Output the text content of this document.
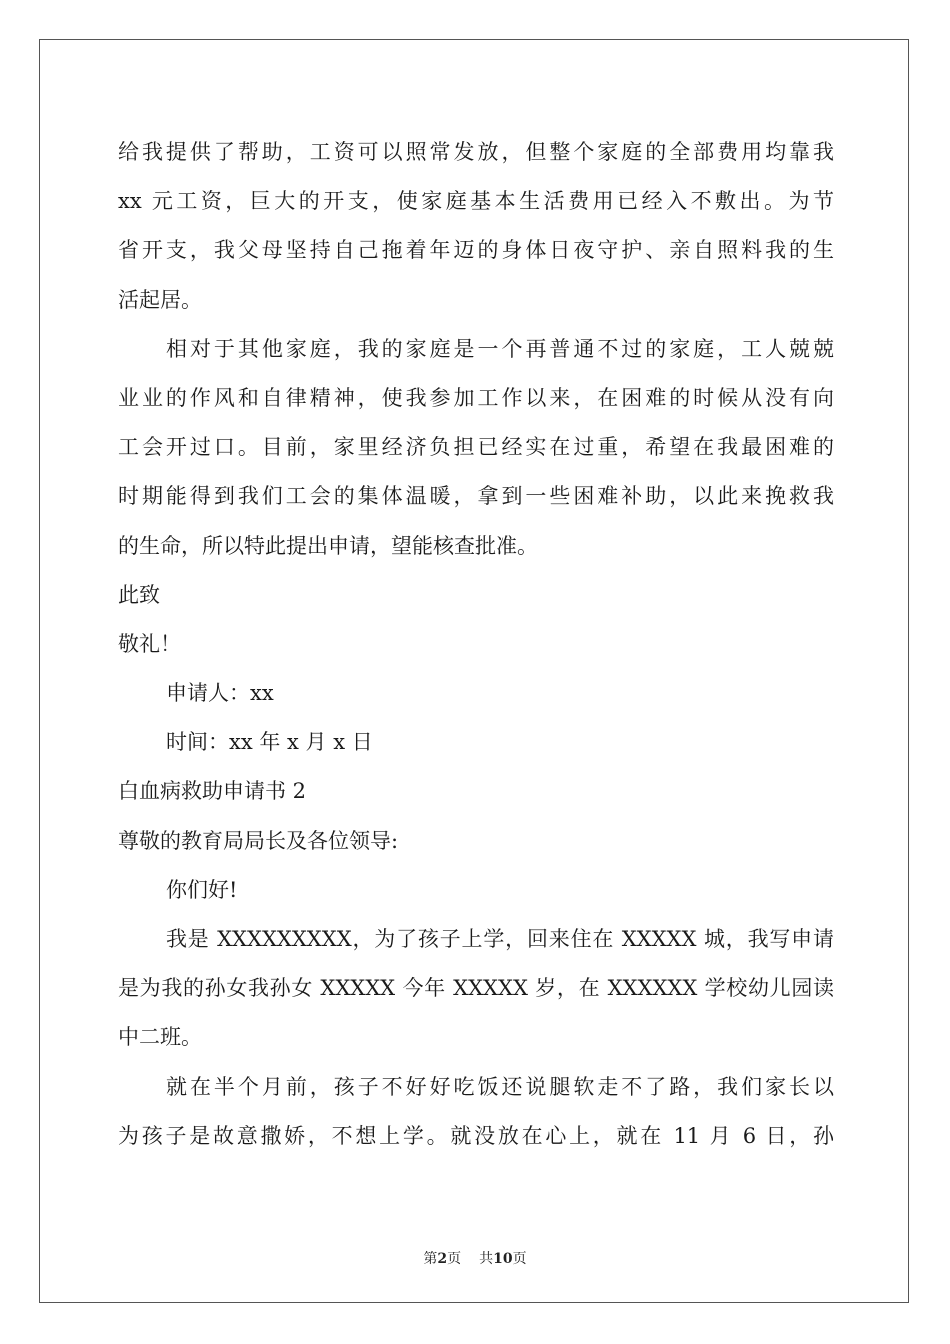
给我提供了帮助，工资可以照常发放，但整个家庭的全部费用均靠我
xx 元工资，巨大的开支，使家庭基本生活费用已经入不敷出。为节
省开支，我父母坚持自己拖着年迈的身体日夜守护、亲自照料我的生
活起居。
相对于其他家庭，我的家庭是一个再普通不过的家庭，工人兢兢
业业的作风和自律精神，使我参加工作以来，在困难的时候从没有向
工会开过口。目前，家里经济负担已经实在过重，希望在我最困难的
时期能得到我们工会的集体温暖，拿到一些困难补助，以此来挽救我
的生命，所以特此提出申请，望能核查批准。
此致
敬礼！
申请人：xx
时间：xx 年 x 月 x 日
白血病救助申请书 2
尊敬的教育局局长及各位领导:
你们好!
我是 XXXXXXXXX，为了孩子上学，回来住在 XXXXX 城，我写申请
是为我的孙女我孙女 XXXXX 今年 XXXXX 岁，在 XXXXXX 学校幼儿园读
中二班。
就在半个月前，孩子不好好吃饭还说腿软走不了路，我们家长以
为孩子是故意撒娇，不想上学。就没放在心上，就在 11 月 6 日，孙
第2页 共10页
